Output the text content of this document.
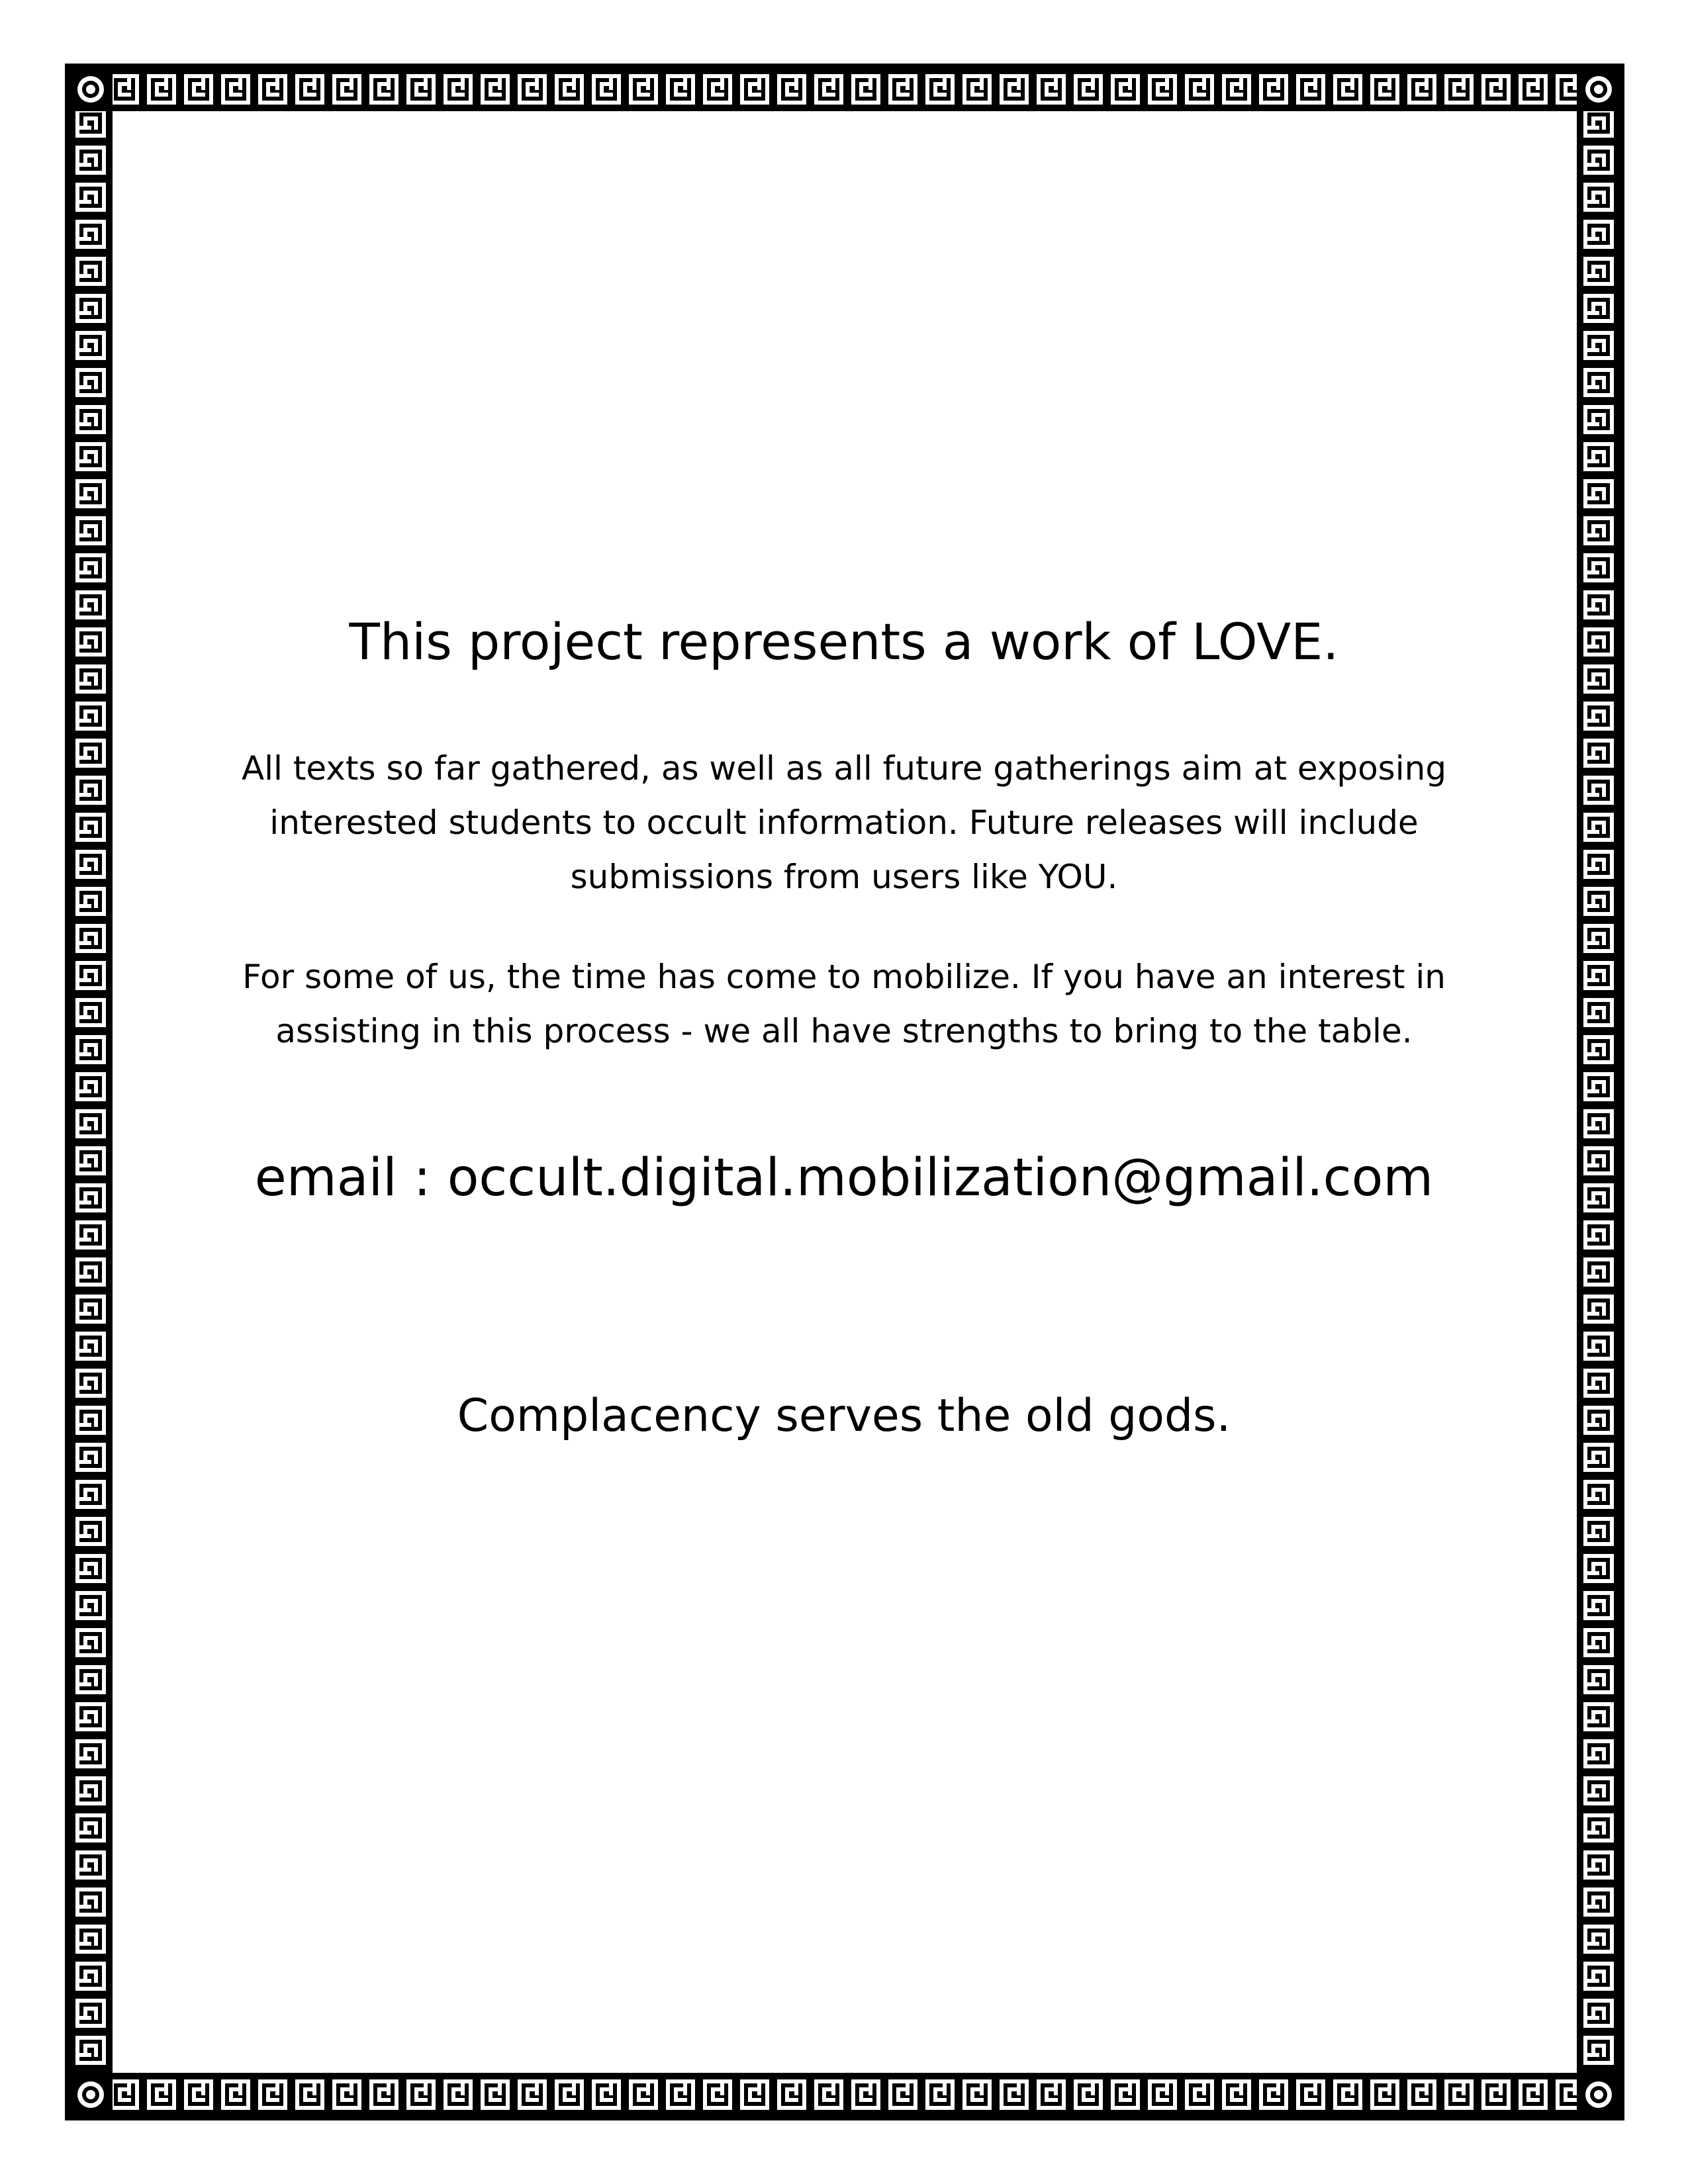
This project represents a work of LOVE.
All texts so far gathered, as well as all future gatherings aim at exposing
interested students to occult information. Future releases will include
submissions from users like YOU.
For some of us, the time has come to mobilize. If you have an interest in
assisting in this process - we all have strengths to bring to the table.
email : occult.digital.mobilization@gmail.com
Complacency serves the old gods.
